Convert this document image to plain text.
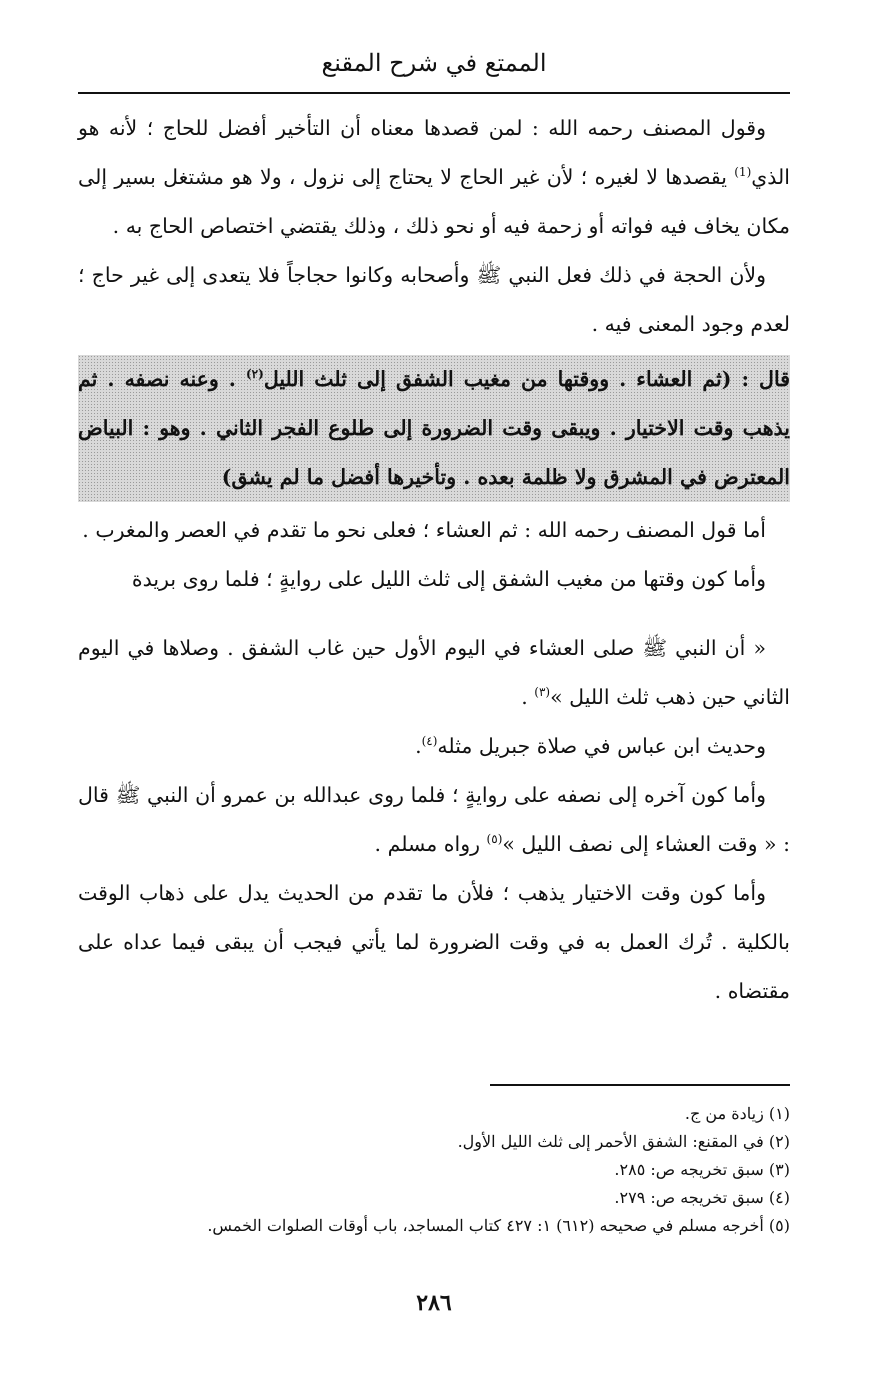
الممتع في شرح المقنع

وقول المصنف رحمه الله : لمن قصدها معناه أن التأخير أفضل للحاج ؛ لأنه هو الذي$^{(1)}$ يقصدها لا لغيره ؛ لأن غير الحاج لا يحتاج إلى نزول ، ولا هو مشتغل بسير إلى مكان يخاف فيه فواته أو زحمة فيه أو نحو ذلك ، وذلك يقتضي اختصاص الحاج به .

ولأن الحجة في ذلك فعل النبي ﷺ وأصحابه وكانوا حجاجاً فلا يتعدى إلى غير حاج ؛ لعدم وجود المعنى فيه .

قال : (ثم العشاء . ووقتها من مغيب الشفق إلى ثلث الليل$^{(٢)}$ . وعنه نصفه . ثم يذهب وقت الاختيار . ويبقى وقت الضرورة إلى طلوع الفجر الثاني . وهو : البياض المعترض في المشرق ولا ظلمة بعده . وتأخيرها أفضل ما لم يشق)

أما قول المصنف رحمه الله : ثم العشاء ؛ فعلى نحو ما تقدم في العصر والمغرب .

وأما كون وقتها من مغيب الشفق إلى ثلث الليل على روايةٍ ؛ فلما روى بريدة

« أن النبي ﷺ صلى العشاء في اليوم الأول حين غاب الشفق . وصلاها في اليوم الثاني حين ذهب ثلث الليل »$^{(٣)}$ .

وحديث ابن عباس في صلاة جبريل مثله$^{(٤)}$.

وأما كون آخره إلى نصفه على روايةٍ ؛ فلما روى عبدالله بن عمرو أن النبي ﷺ قال : « وقت العشاء إلى نصف الليل »$^{(٥)}$ رواه مسلم .

وأما كون وقت الاختيار يذهب ؛ فلأن ما تقدم من الحديث يدل على ذهاب الوقت بالكلية . تُرك العمل به في وقت الضرورة لما يأتي فيجب أن يبقى فيما عداه على مقتضاه .

(١) زيادة من ج.

(٢) في المقنع: الشفق الأحمر إلى ثلث الليل الأول.

(٣) سبق تخريجه ص: ٢٨٥.

(٤) سبق تخريجه ص: ٢٧٩.

(٥) أخرجه مسلم في صحيحه (٦١٢) ١: ٤٢٧ كتاب المساجد، باب أوقات الصلوات الخمس.

٢٨٦
